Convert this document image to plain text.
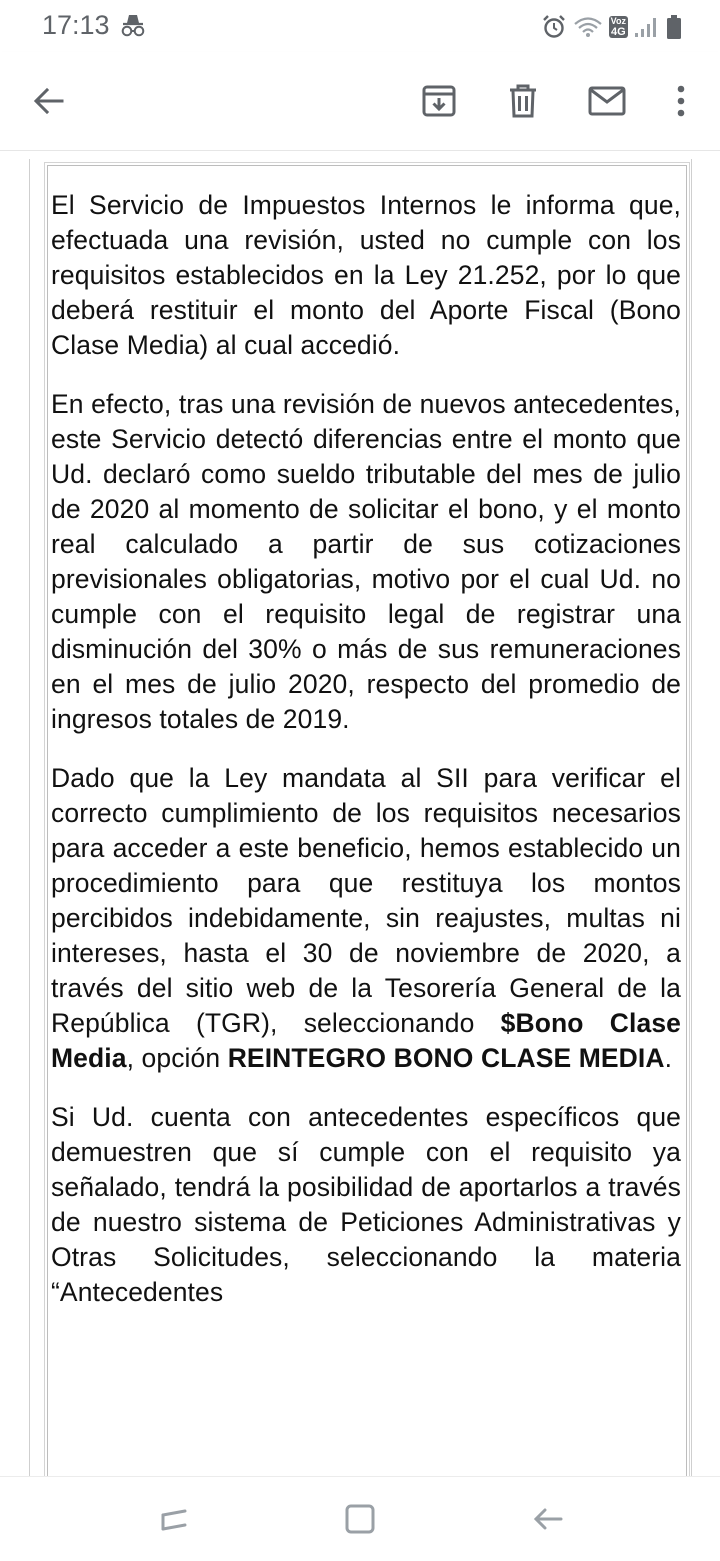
17:13	Voz
4G

El Servicio de Impuestos Internos le informa que, efectuada una revisión, usted no cumple con los requisitos establecidos en la Ley 21.252, por lo que deberá restituir el monto del Aporte Fiscal (Bono Clase Media) al cual accedió.

En efecto, tras una revisión de nuevos antecedentes, este Servicio detectó diferencias entre el monto que Ud. declaró como sueldo tributable del mes de julio de 2020 al momento de solicitar el bono, y el monto real calculado a partir de sus cotizaciones previsionales obligatorias, motivo por el cual Ud. no cumple con el requisito legal de registrar una disminución del 30% o más de sus remuneraciones en el mes de julio 2020, respecto del promedio de ingresos totales de 2019.

Dado que la Ley mandata al SII para verificar el correcto cumplimiento de los requisitos necesarios para acceder a este beneficio, hemos establecido un procedimiento para que restituya los montos percibidos indebidamente, sin reajustes, multas ni intereses, hasta el 30 de noviembre de 2020, a través del sitio web de la Tesorería General de la República (TGR), seleccionando $Bono Clase Media, opción REINTEGRO BONO CLASE MEDIA.

Si Ud. cuenta con antecedentes específicos que demuestren que sí cumple con el requisito ya señalado, tendrá la posibilidad de aportarlos a través de nuestro sistema de Peticiones Administrativas y Otras Solicitudes, seleccionando la materia “Antecedentes
